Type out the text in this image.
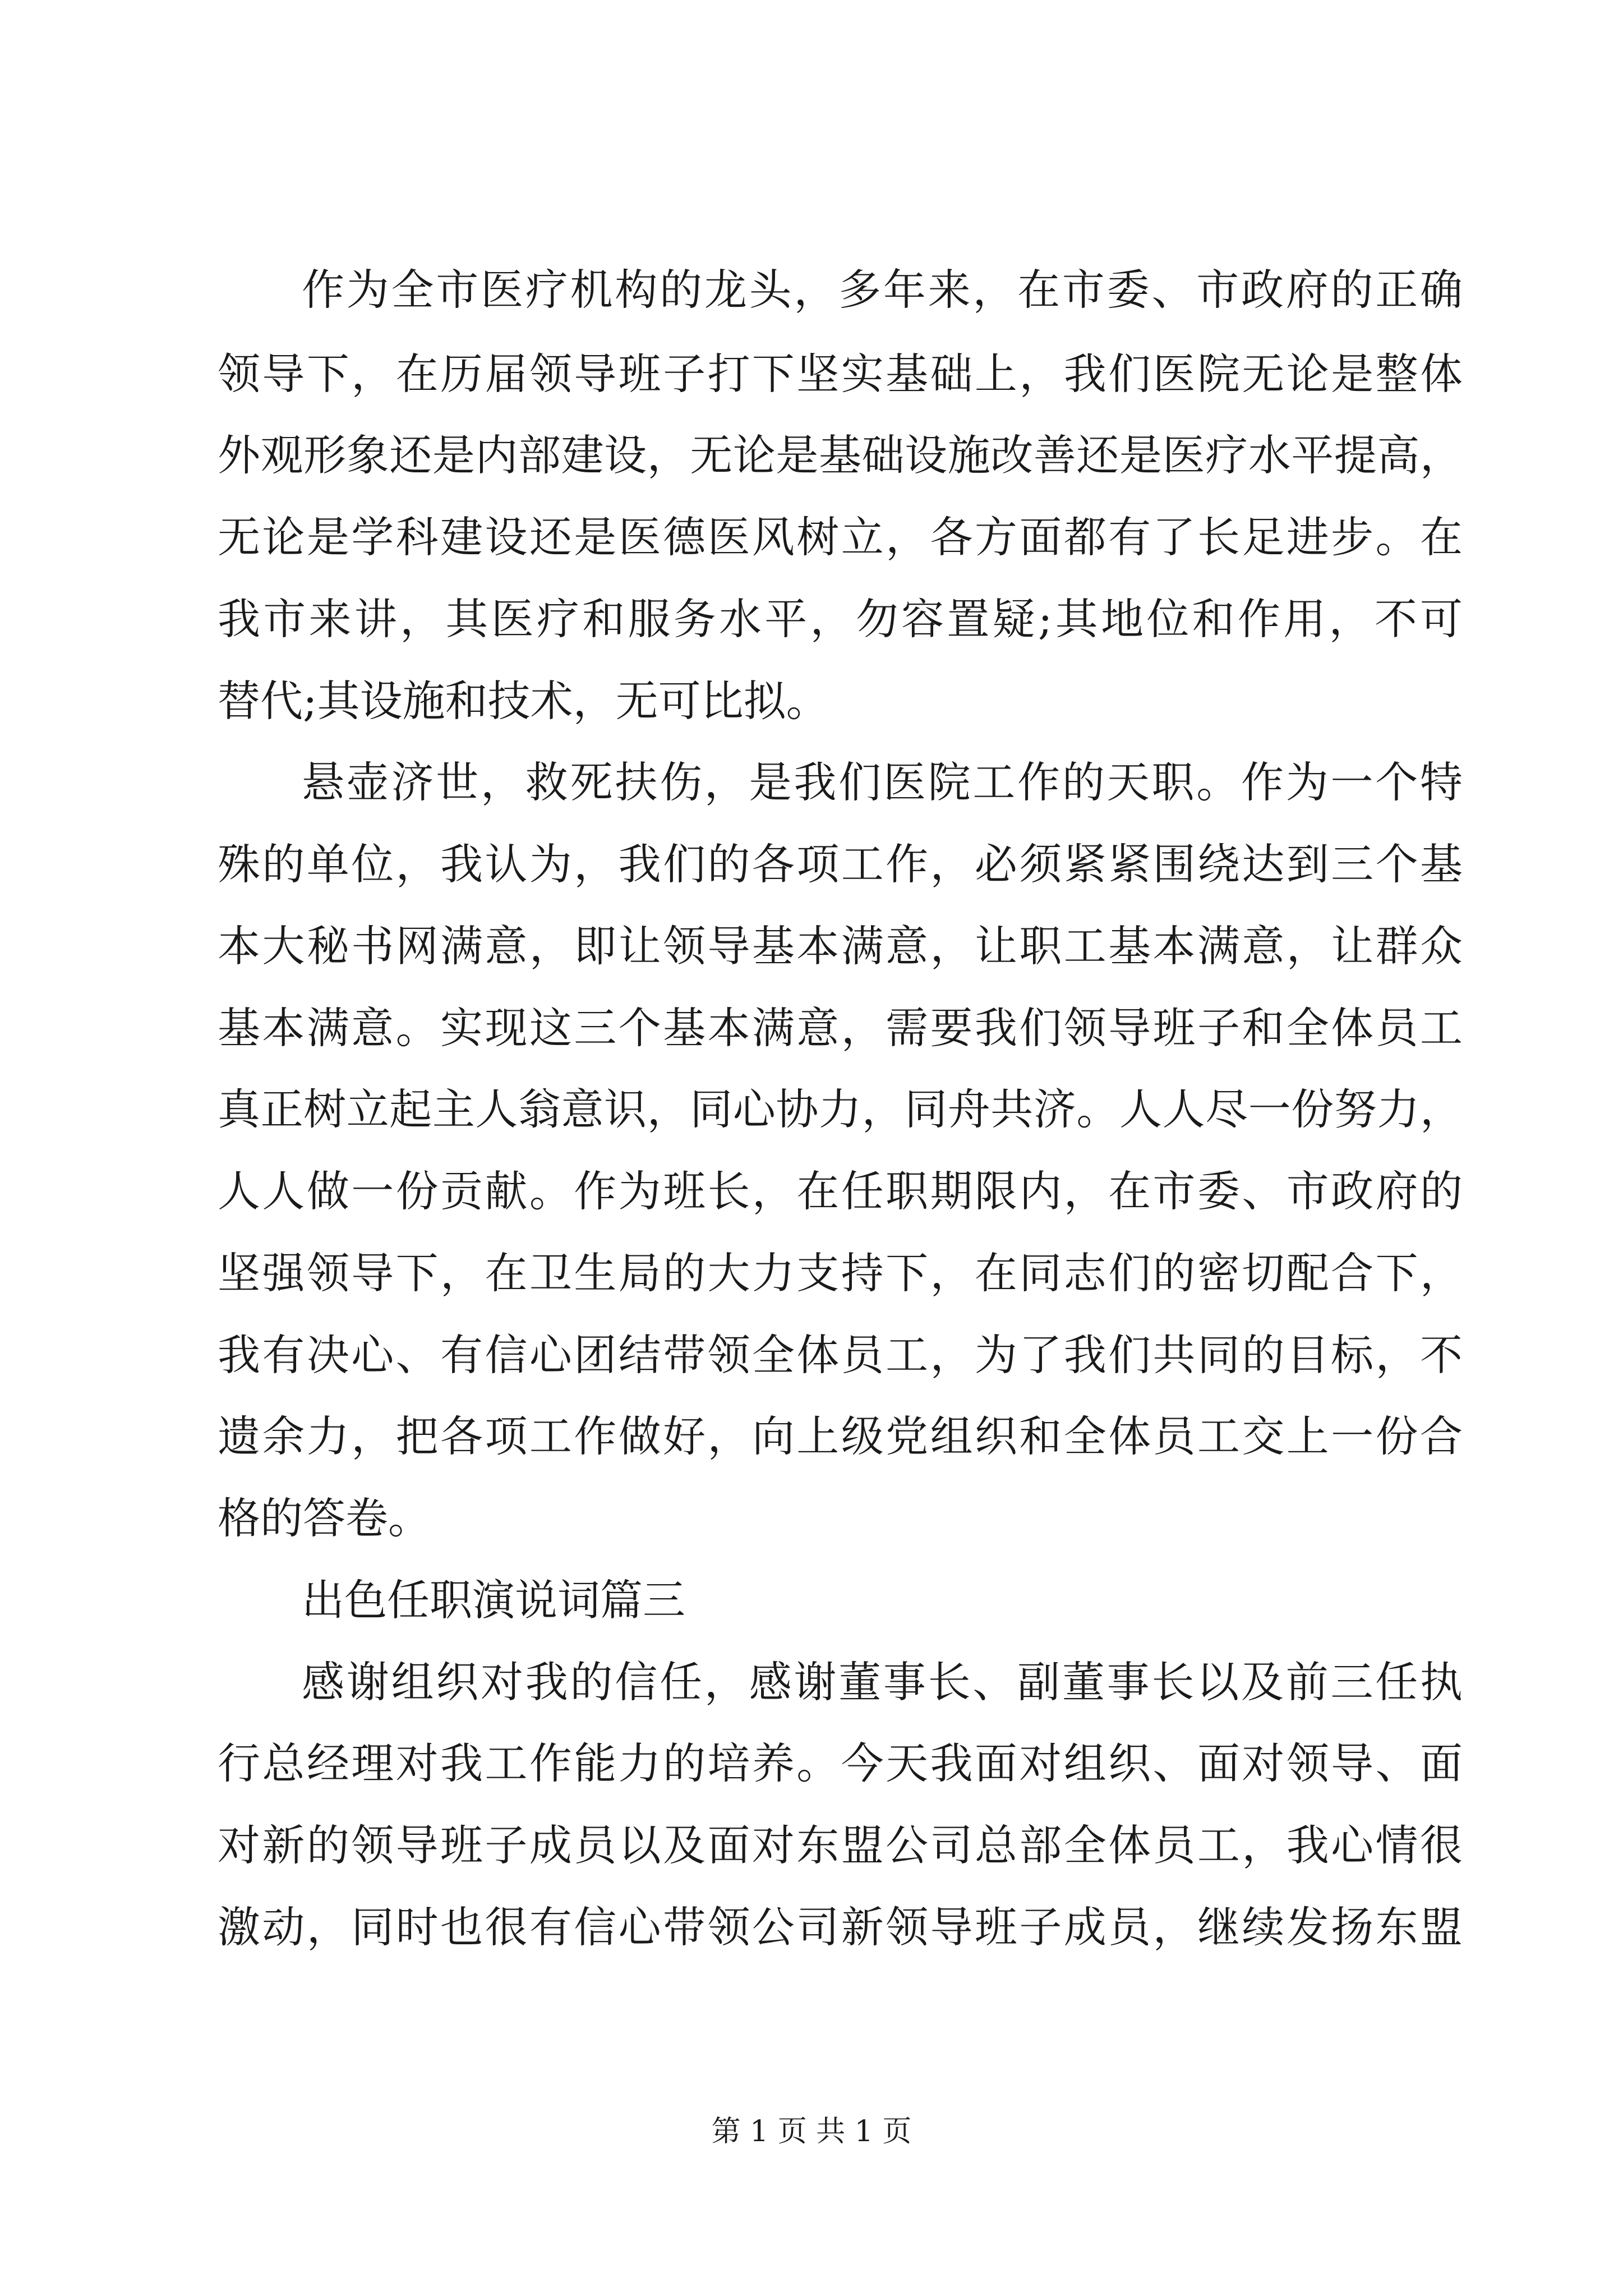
作为全市医疗机构的龙头，多年来，在市委、市政府的正确
领导下，在历届领导班子打下坚实基础上，我们医院无论是整体
外观形象还是内部建设，无论是基础设施改善还是医疗水平提高，
无论是学科建设还是医德医风树立，各方面都有了长足进步。在
我市来讲，其医疗和服务水平，勿容置疑;其地位和作用，不可
替代;其设施和技术，无可比拟。
悬壶济世，救死扶伤，是我们医院工作的天职。作为一个特
殊的单位，我认为，我们的各项工作，必须紧紧围绕达到三个基
本大秘书网满意，即让领导基本满意，让职工基本满意，让群众
基本满意。实现这三个基本满意，需要我们领导班子和全体员工
真正树立起主人翁意识，同心协力，同舟共济。人人尽一份努力，
人人做一份贡献。作为班长，在任职期限内，在市委、市政府的
坚强领导下，在卫生局的大力支持下，在同志们的密切配合下，
我有决心、有信心团结带领全体员工，为了我们共同的目标，不
遗余力，把各项工作做好，向上级党组织和全体员工交上一份合
格的答卷。
出色任职演说词篇三
感谢组织对我的信任，感谢董事长、副董事长以及前三任执
行总经理对我工作能力的培养。今天我面对组织、面对领导、面
对新的领导班子成员以及面对东盟公司总部全体员工，我心情很
激动，同时也很有信心带领公司新领导班子成员，继续发扬东盟
第 1 页 共 1 页
